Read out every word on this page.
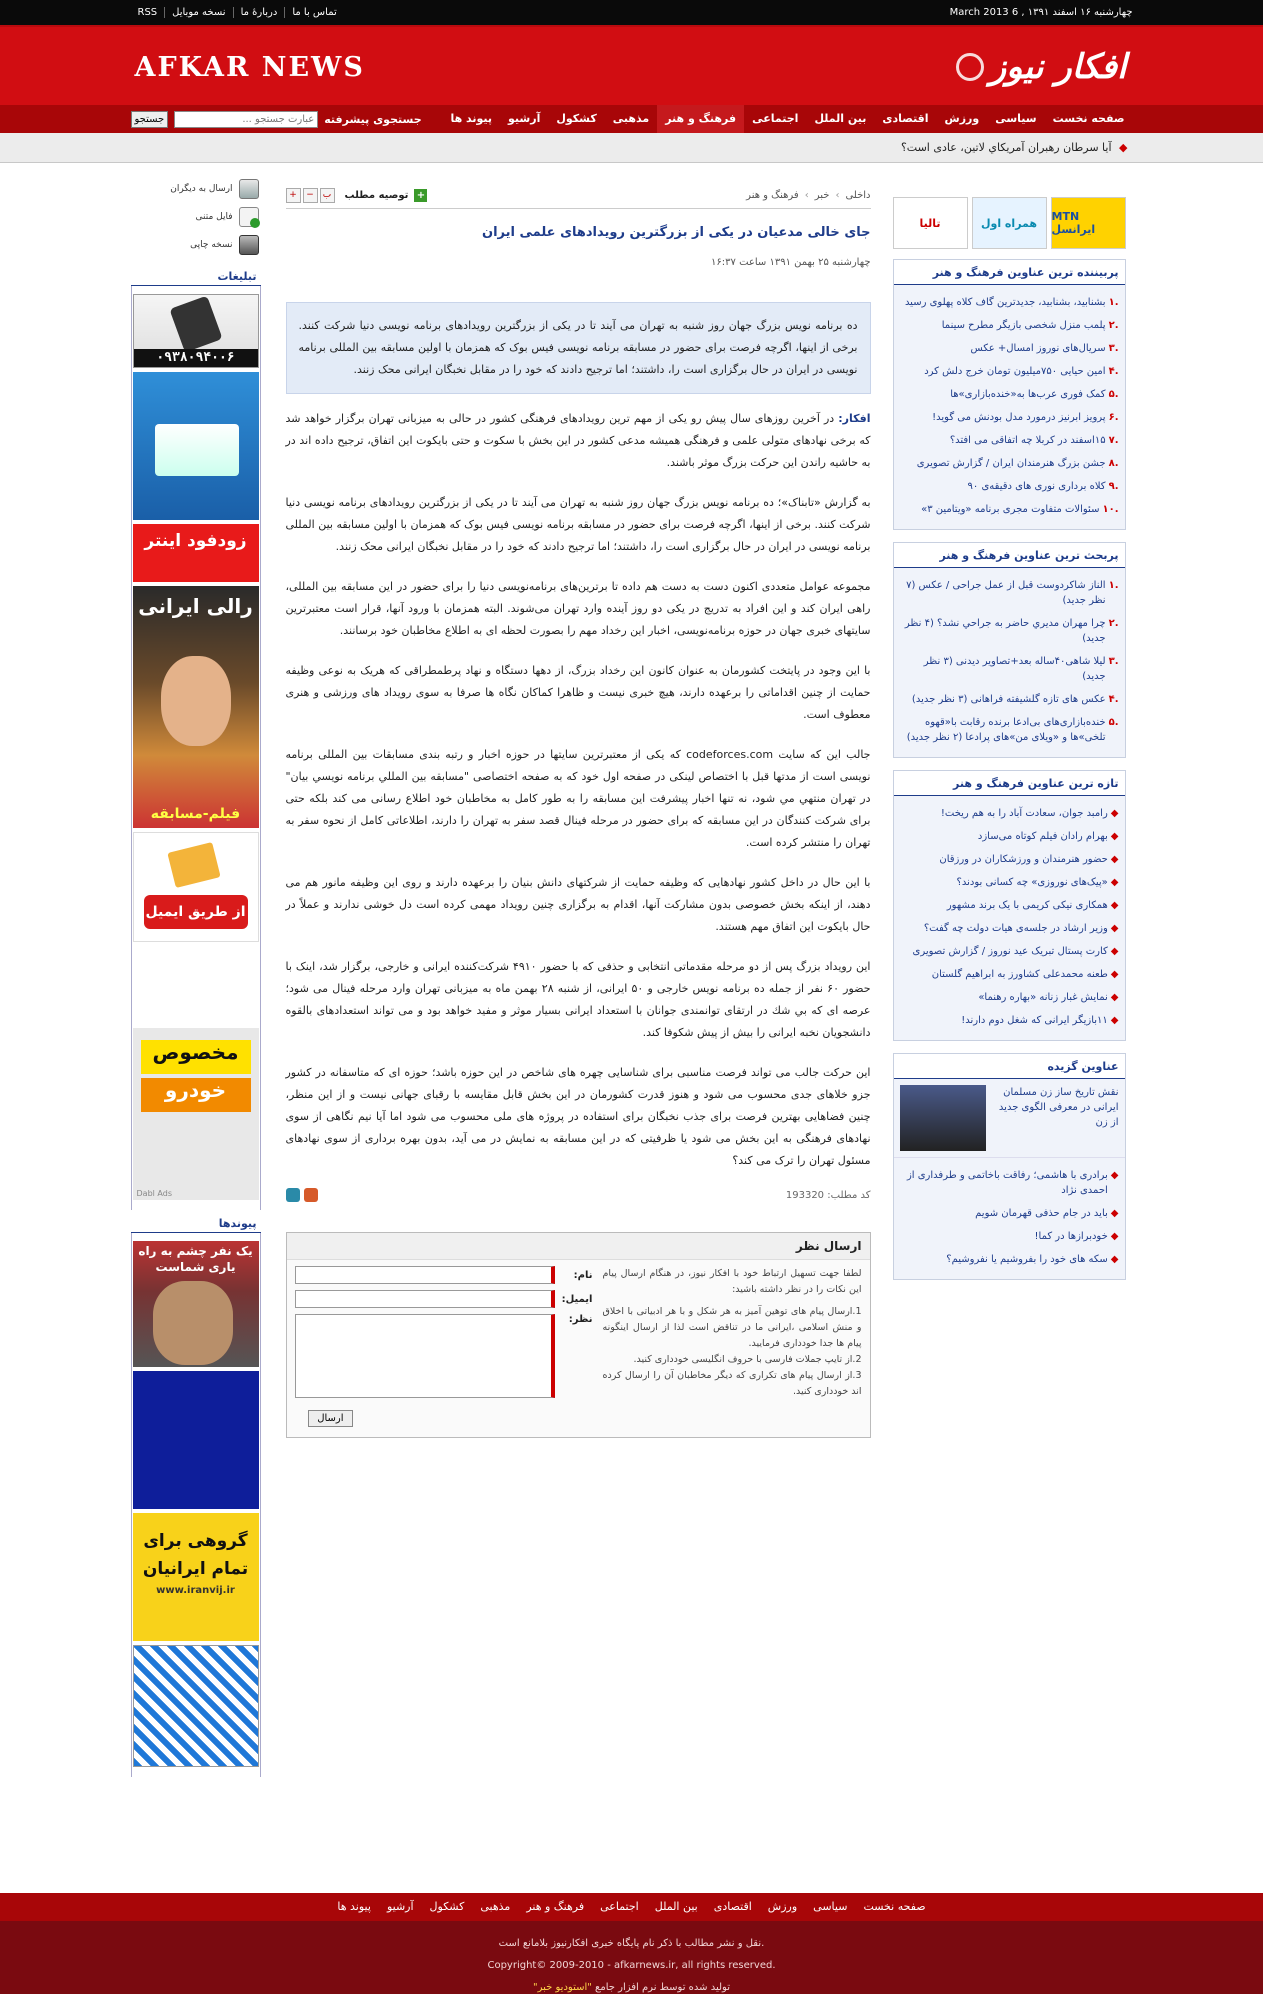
RSS	نسخه موبایل	دربارهٔ ما	تماس با ما	چهارشنبه ۱۶ اسفند ۱۳۹۱ , 6 March 2013
AFKAR NEWS	افکار نیوز
جستجوی پیشرفته
عبارت جستجو ...
جستجو	صفحه نخست
سیاسی
ورزش
اقتصادی
بین الملل
اجتماعی
فرهنگ و هنر
مذهبی
کشکول
آرشیو
پیوند ها
◆ آيا سرطان رهبران آمريکاي لاتين، عادی است؟
ارسال به دیگران
فایل متنی
نسخه چاپی
تبلیغات
۰۹۳۸۰۹۴۰۰۶
زودفود اینتر
رالی ایرانی
فیلم-مسابقه
از طریق ایمیل
مخصوص
خودرو
Dabl Ads
پیوندها
یک نفر چشم به راه یاری شماست
گروهی برای تمام ایرانیان
www.iranvij.ir
داخلی
›
خبر
›
فرهنگ و هنر
+
توصیه مطلب
ب
−
+
جای خالی مدعیان در یکی از بزرگترین رویدادهای علمی ایران
چهارشنبه ۲۵ بهمن ۱۳۹۱ ساعت ۱۶:۳۷
ده برنامه نویس بزرگ جهان روز شنبه به تهران می آیند تا در یکی از بزرگترین رویدادهای برنامه نویسی دنیا شرکت کنند. برخی از اینها، اگرچه فرصت برای حضور در مسابقه برنامه نویسی فیس بوک که همزمان با اولین مسابقه بین المللی برنامه نویسی در ایران در حال برگزاری است را، داشتند؛ اما ترجیح دادند که خود را در مقابل نخبگان ایرانی محک زنند.

افکار: در آخرین روزهای سال پیش رو یکی از مهم ترین رویدادهای فرهنگی کشور در حالی به میزبانی تهران برگزار خواهد شد که برخی نهادهای متولی علمی و فرهنگی همیشه مدعی کشور در این بخش با سکوت و حتی بایکوت این اتفاق، ترجیح داده اند در به حاشیه راندن این حرکت بزرگ موثر باشند.

به گزارش «تابناک»؛ ده برنامه نویس بزرگ جهان روز شنبه به تهران می آیند تا در یکی از بزرگترین رویدادهای برنامه نویسی دنیا شرکت کنند. برخی از اینها، اگرچه فرصت برای حضور در مسابقه برنامه نویسی فیس بوک که همزمان با اولین مسابقه بین المللی برنامه نویسی در ایران در حال برگزاری است را، داشتند؛ اما ترجیح دادند که خود را در مقابل نخبگان ایرانی محک زنند.

مجموعه عوامل متعددی اکنون دست به دست هم داده تا برترین‌های برنامه‌نویسی دنیا را برای حضور در این مسابقه بین المللی، راهی ایران کند و این افراد به تدریج در یکی دو روز آینده وارد تهران می‌شوند. البته همزمان با ورود آنها، قرار است معتبرترین سایتهای خبری جهان در حوزه برنامه‌نویسی، اخبار این رخداد مهم را بصورت لحظه ای به اطلاع مخاطبان خود برسانند.

با این وجود در پایتخت کشورمان به عنوان کانون این رخداد بزرگ، از دهها دستگاه و نهاد پرطمطراقی که هریک به نوعی وظیفه حمایت از چنین اقداماتی را برعهده دارند، هیچ خبری نیست و ظاهرا کماکان نگاه ها صرفا به سوی رویداد های ورزشی و هنری معطوف است.

جالب این که سایت codeforces.com که یکی از معتبرترین سایتها در حوزه اخبار و رتبه بندی مسابقات بین المللی برنامه نویسی است از مدتها قبل با اختصاص لینکی در صفحه اول خود که به صفحه اختصاصی "مسابقه بين المللي برنامه نويسي بيان" در تهران منتهي مي شود، نه تنها اخبار پیشرفت این مسابقه را به طور کامل به مخاطبان خود اطلاع رسانی می کند بلکه حتی برای شرکت کنندگان در این مسابقه که برای حضور در مرحله فینال قصد سفر به تهران را دارند، اطلاعاتی کامل از نحوه سفر به تهران را منتشر کرده است.

با این حال در داخل کشور نهادهایی که وظیفه حمایت از شرکتهای دانش بنیان را برعهده دارند و روی این وظیفه مانور هم می دهند، از اینکه بخش خصوصی بدون مشارکت آنها، اقدام به برگزاری چنین رویداد مهمی کرده است دل خوشی ندارند و عملاً در حال بایکوت این اتفاق مهم هستند.

این رویداد بزرگ پس از دو مرحله مقدماتی انتخابی و حذفی که با حضور ۴۹۱۰ شرکت‌کننده ایرانی و خارجی، برگزار شد، اینک با حضور ۶۰ نفر از جمله ده برنامه نویس خارجی و ۵۰ ایرانی، از شنبه ۲۸ بهمن ماه به میزبانی تهران وارد مرحله فینال می شود؛ عرصه ای که بي شك در ارتقای توانمندی جوانان با استعداد ایرانی بسیار موثر و مفید خواهد بود و می تواند استعدادهای بالقوه دانشجويان نخبه ایرانی را بیش از پیش شکوفا کند.

این حرکت جالب می تواند فرصت مناسبی برای شناسایی چهره های شاخص در این حوزه باشد؛ حوزه ای که متاسفانه در کشور جزو خلاهای جدی محسوب می شود و هنوز قدرت کشورمان در این بخش قابل مقایسه با رقبای جهانی نیست و از این منظر، چنین فضاهایی بهترین فرصت برای جذب نخبگان برای استفاده در پروژه های ملی محسوب می شود اما آیا نیم نگاهی از سوی نهادهای فرهنگی به این بخش می شود یا ظرفیتی که در این مسابقه به نمایش در می آید، بدون بهره برداری از سوی نهادهای مسئول تهران را ترک می کند؟

کد مطلب: 193320
ارسال نظر
لطفا جهت تسهیل ارتباط خود با افکار نیوز، در هنگام ارسال پیام این نکات را در نظر داشته باشید:
1.ارسال پیام های توهین آمیز به هر شکل و با هر ادبیاتی با اخلاق و منش اسلامی ،ایرانی ما در تناقض است لذا از ارسال اینگونه پیام ها جدا خودداری فرمایید.
2.از تایپ جملات فارسی با حروف انگلیسی خودداری کنید.
3.از ارسال پیام های تکراری که دیگر مخاطبان آن را ارسال کرده اند خودداری کنید.
نام:
ایمیل:
نظر:
ارسال
تالیا	همراه اول	MTN ایرانسل
پربیننده ترین عناوین فرهنگ و هنر
.۱
بشنابید، بشنابید، جدیدترین گاف کلاه پهلوی رسید
.۲
پلمب منزل شخصی بازیگر مطرح سینما
.۳
سریال‌های نوروز امسال+ عکس
.۴
امین حیایی ۷۵۰میلیون تومان خرج دلش کرد
.۵
کمک فوری عرب‌ها به«خندەبازاری»ها
.۶
پرویز ابرنیز درمورد مدل بودنش می گوید!
.۷
۱۵اسفند در کربلا چه اتفاقی می افتد؟
.۸
جشن بزرگ هنرمندان ایران / گزارش تصویری
.۹
کلاه برداری نوری های دقیقه‌ی ۹۰
.۱۰
سئوالات متفاوت مجری برنامه «ویتامین ۳»
پربحث ترین عناوین فرهنگ و هنر
.۱
الناز شاکردوست قبل از عمل جراحی / عکس (۷ نظر جدید)
.۲
چرا مهران مديري حاضر به جراحي نشد؟ (۴ نظر جدید)
.۳
لیلا شاهی۴۰ساله بعد+تصاویر دیدنی (۳ نظر جدید)
.۴
عکس های تازه گلشیفته فراهانی (۳ نظر جدید)
.۵
خندەبازاری‌های بی‌ادعا برنده رقابت با«قهوه تلخی»‌ها و «ویلای من»های پرادعا (۲ نظر جدید)
تازه ترین عناوین فرهنگ و هنر
◆
رامبد جوان، سعادت آباد را به هم ریخت!
◆
بهرام رادان فیلم کوتاه می‌سازد
◆
حضور هنرمندان و ورزشکاران در ورزقان
◆
«پیک‌های نوروزی» چه کسانی بودند؟
◆
همکاری نیکی کریمی با یک برند مشهور
◆
وزیر ارشاد در جلسه‌ی هیات دولت چه گفت؟
◆
کارت پستال تبریک عید نوروز / گزارش تصویری
◆
طعنه محمدعلی کشاورز به ابراهیم گلستان
◆
نمایش غبار زنانه «بهاره رهنما»
◆
۱۱بازیگر ایرانی که شغل دوم دارند!
عناوین گزیده
نقش تاریخ ساز زن مسلمان ایرانی در معرفی الگوی جدید از زن
◆
برادری با هاشمی؛ رفاقت باخاتمی و طرفداری از احمدی نژاد
◆
باید در جام حذفی قهرمان شویم
◆
خودبرازها در کما!
◆
سکه های خود را بفروشیم یا نفروشیم؟
صفحه نخست
سیاسی
ورزش
اقتصادی
بین الملل
اجتماعی
فرهنگ و هنر
مذهبی
کشکول
آرشیو
پیوند ها

نقل و نشر مطالب با ذکر نام پایگاه خبری افکارنیوز بلامانع است.

Copyright© 2009-2010 - afkarnews.ir, all rights reserved.

تولید شده توسط نرم افزار جامع "استودیو خبر"
